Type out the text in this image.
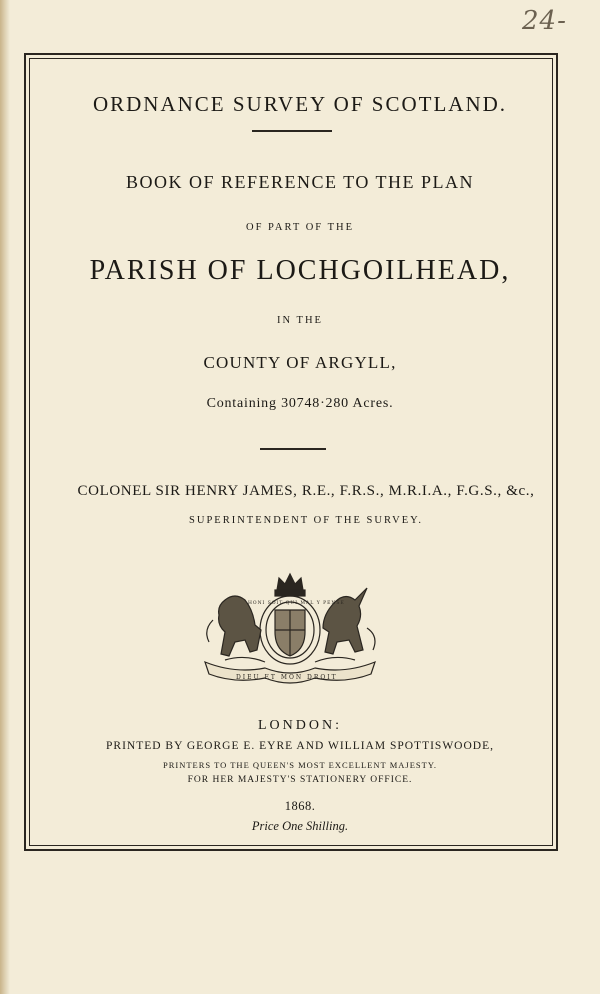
24-
ORDNANCE SURVEY OF SCOTLAND.
BOOK OF REFERENCE TO THE PLAN
OF PART OF THE
PARISH OF LOCHGOILHEAD,
IN THE
COUNTY OF ARGYLL,
Containing 30748·280 Acres.
COLONEL SIR HENRY JAMES, R.E., F.R.S., M.R.I.A., F.G.S., &c.,
SUPERINTENDENT OF THE SURVEY.
DIEU ET MON DROIT
HONI SOIT QUI MAL Y PENSE
LONDON:
PRINTED BY GEORGE E. EYRE AND WILLIAM SPOTTISWOODE,
PRINTERS TO THE QUEEN'S MOST EXCELLENT MAJESTY.
FOR HER MAJESTY'S STATIONERY OFFICE.
1868.
Price One Shilling.
